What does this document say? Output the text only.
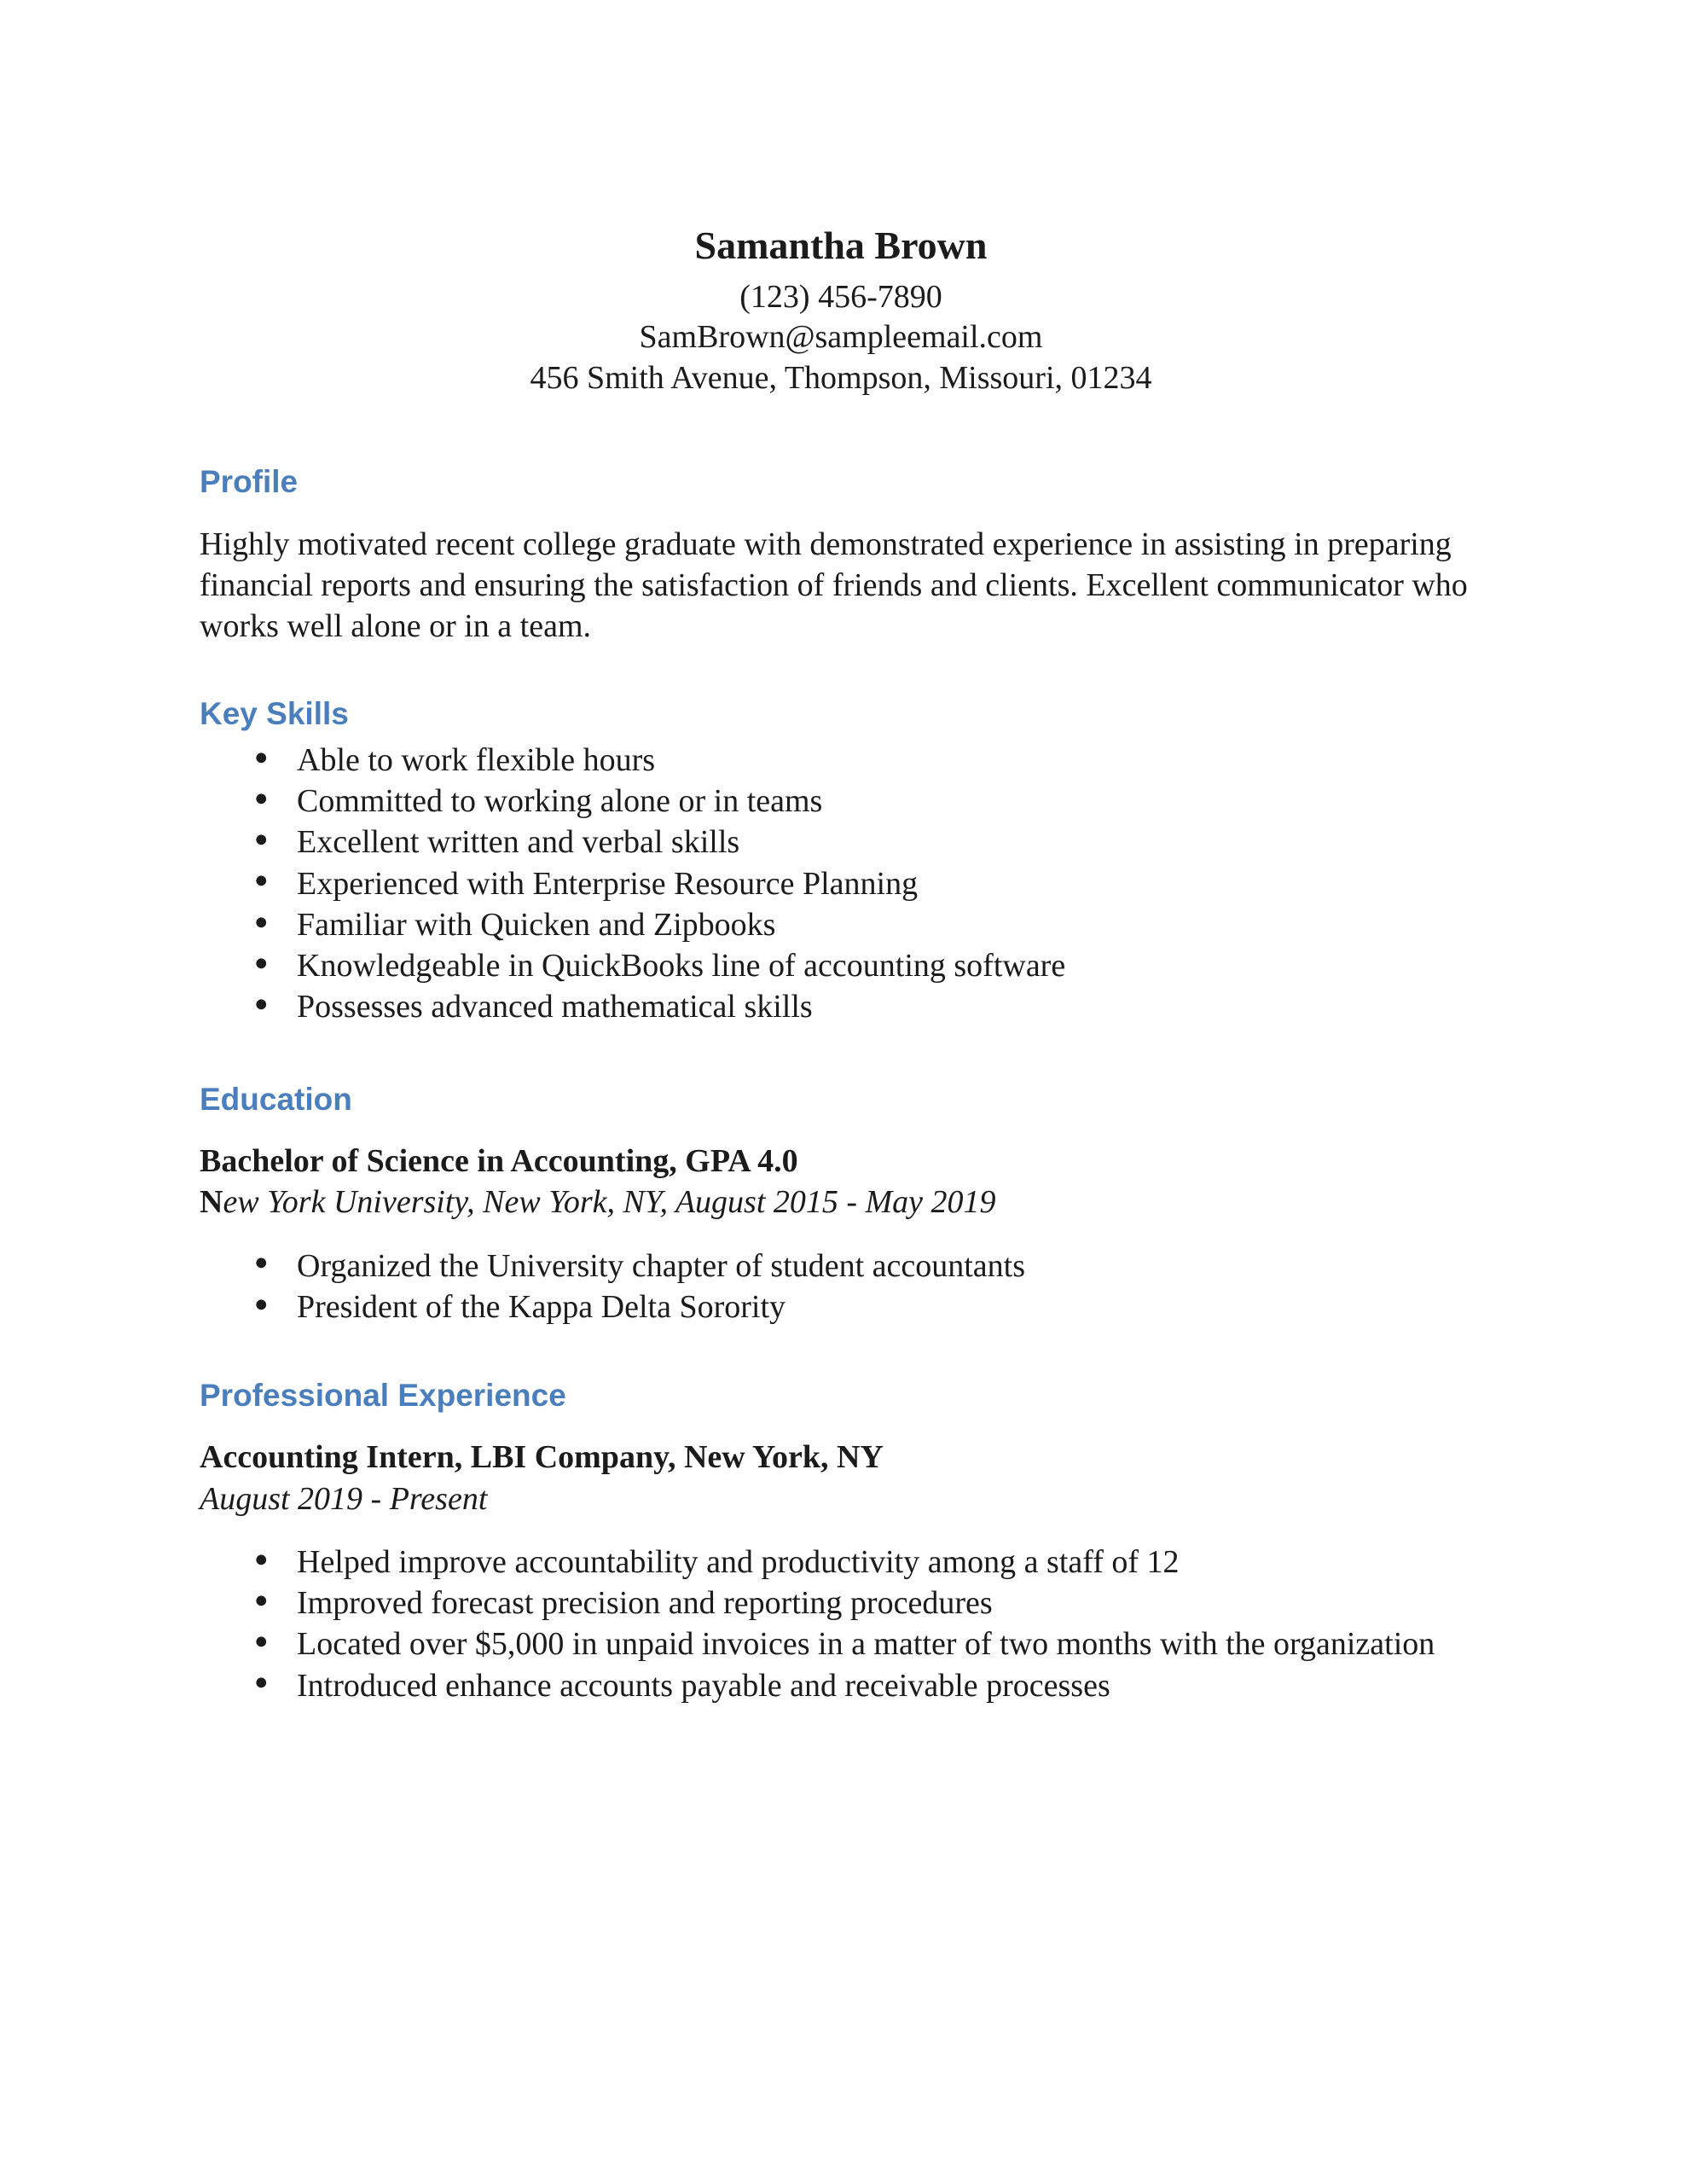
Samantha Brown

(123) 456-7890

SamBrown@sampleemail.com

456 Smith Avenue, Thompson, Missouri, 01234

Profile

Highly motivated recent college graduate with demonstrated experience in assisting in preparing financial reports and ensuring the satisfaction of friends and clients. Excellent communicator who works well alone or in a team.

Key Skills
● Able to work flexible hours
● Committed to working alone or in teams
● Excellent written and verbal skills
● Experienced with Enterprise Resource Planning
● Familiar with Quicken and Zipbooks
● Knowledgeable in QuickBooks line of accounting software
● Possesses advanced mathematical skills
Education

Bachelor of Science in Accounting, GPA 4.0

New York University, New York, NY, August 2015 - May 2019

● Organized the University chapter of student accountants
● President of the Kappa Delta Sorority
Professional Experience

Accounting Intern, LBI Company, New York, NY

August 2019 - Present

● Helped improve accountability and productivity among a staff of 12
● Improved forecast precision and reporting procedures
● Located over $5,000 in unpaid invoices in a matter of two months with the organization
● Introduced enhance accounts payable and receivable processes
